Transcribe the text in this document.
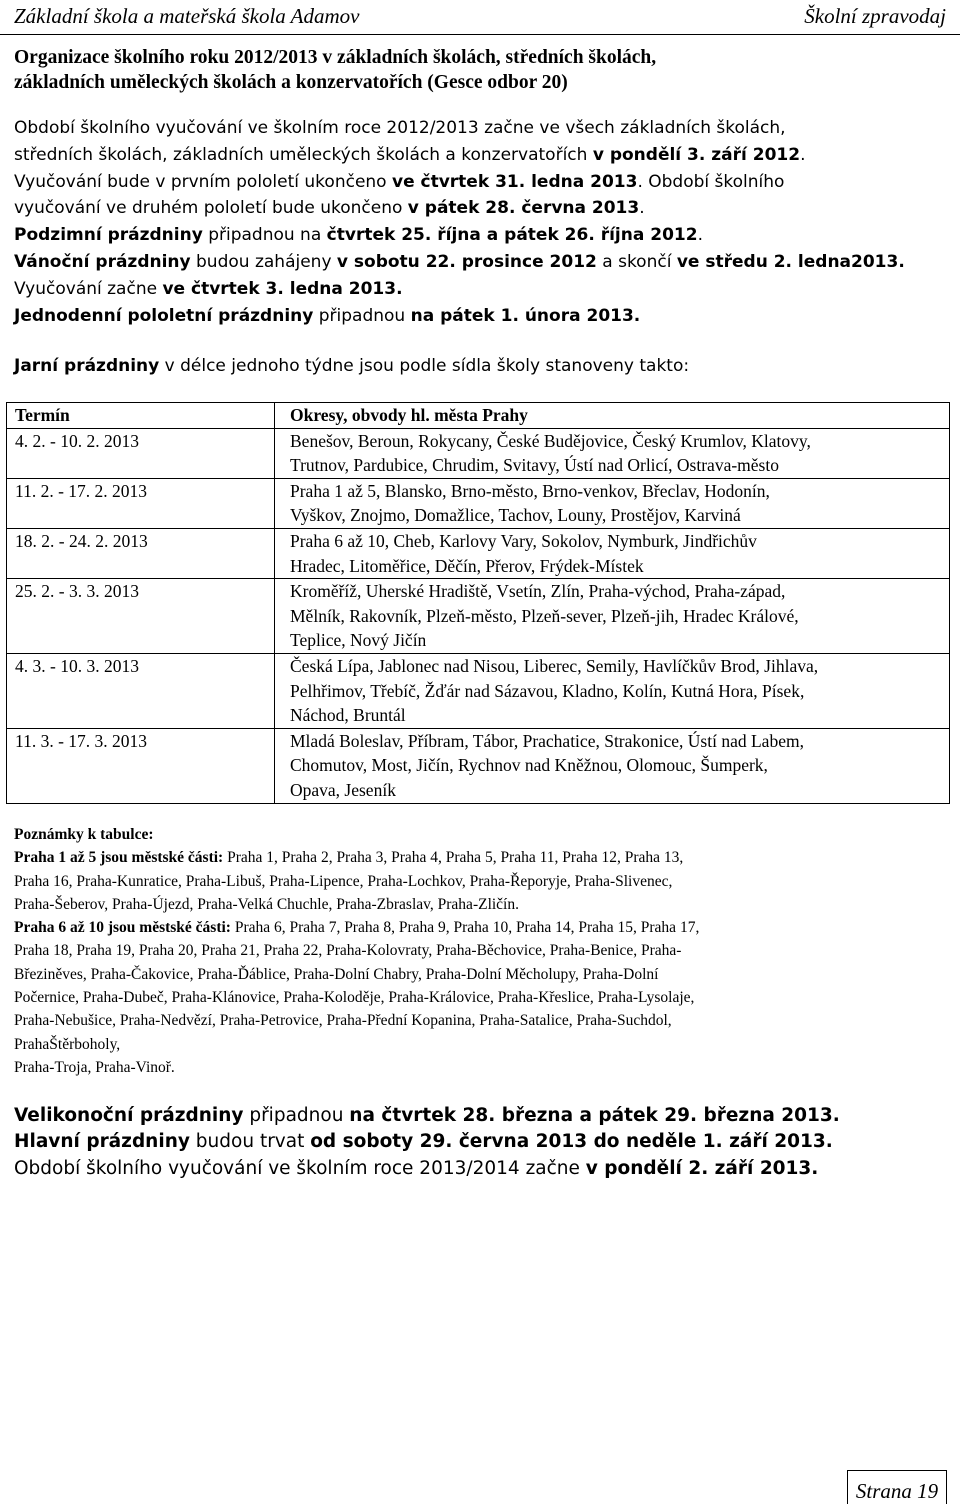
Základní škola a mateřská škola Adamov	Školní zpravodaj
Organizace školního roku 2012/2013 v základních školách, středních školách,
základních uměleckých školách a konzervatořích (Gesce odbor 20)
Období školního vyučování ve školním roce 2012/2013 začne ve všech základních školách,
středních školách, základních uměleckých školách a konzervatořích v pondělí 3. září 2012.
Vyučování bude v prvním pololetí ukončeno ve čtvrtek 31. ledna 2013. Období školního
vyučování ve druhém pololetí bude ukončeno v pátek 28. června 2013.
Podzimní prázdniny připadnou na čtvrtek 25. října a pátek 26. října 2012.
Vánoční prázdniny budou zahájeny v sobotu 22. prosince 2012 a skončí ve středu 2. ledna2013.
Vyučování začne ve čtvrtek 3. ledna 2013.
Jednodenní pololetní prázdniny připadnou na pátek 1. února 2013.
Jarní prázdniny v délce jednoho týdne jsou podle sídla školy stanoveny takto:
Termín	Okresy, obvody hl. města Prahy
4. 2. - 10. 2. 2013	Benešov, Beroun, Rokycany, České Budějovice, Český Krumlov, Klatovy,
Trutnov, Pardubice, Chrudim, Svitavy, Ústí nad Orlicí, Ostrava-město

11. 2. - 17. 2. 2013	Praha 1 až 5, Blansko, Brno-město, Brno-venkov, Břeclav, Hodonín,
Vyškov, Znojmo, Domažlice, Tachov, Louny, Prostějov, Karviná

18. 2. - 24. 2. 2013	Praha 6 až 10, Cheb, Karlovy Vary, Sokolov, Nymburk, Jindřichův
Hradec, Litoměřice, Děčín, Přerov, Frýdek-Místek

25. 2. - 3. 3. 2013	Kroměříž, Uherské Hradiště, Vsetín, Zlín, Praha-východ, Praha-západ,
Mělník, Rakovník, Plzeň-město, Plzeň-sever, Plzeň-jih, Hradec Králové,
Teplice, Nový Jičín

4. 3. - 10. 3. 2013	Česká Lípa, Jablonec nad Nisou, Liberec, Semily, Havlíčkův Brod, Jihlava,
Pelhřimov, Třebíč, Žďár nad Sázavou, Kladno, Kolín, Kutná Hora, Písek,
Náchod, Bruntál

11. 3. - 17. 3. 2013	Mladá Boleslav, Příbram, Tábor, Prachatice, Strakonice, Ústí nad Labem,
Chomutov, Most, Jičín, Rychnov nad Kněžnou, Olomouc, Šumperk,
Opava, Jeseník
Poznámky k tabulce:
Praha 1 až 5 jsou městské části: Praha 1, Praha 2, Praha 3, Praha 4, Praha 5, Praha 11, Praha 12, Praha 13,
Praha 16, Praha-Kunratice, Praha-Libuš, Praha-Lipence, Praha-Lochkov, Praha-Řeporyje, Praha-Slivenec,
Praha-Šeberov, Praha-Újezd, Praha-Velká Chuchle, Praha-Zbraslav, Praha-Zličín.
Praha 6 až 10 jsou městské části: Praha 6, Praha 7, Praha 8, Praha 9, Praha 10, Praha 14, Praha 15, Praha 17,
Praha 18, Praha 19, Praha 20, Praha 21, Praha 22, Praha-Kolovraty, Praha-Běchovice, Praha-Benice, Praha-
Březiněves, Praha-Čakovice, Praha-Ďáblice, Praha-Dolní Chabry, Praha-Dolní Měcholupy, Praha-Dolní
Počernice, Praha-Dubeč, Praha-Klánovice, Praha-Koloděje, Praha-Královice, Praha-Křeslice, Praha-Lysolaje,
Praha-Nebušice, Praha-Nedvězí, Praha-Petrovice, Praha-Přední Kopanina, Praha-Satalice, Praha-Suchdol,
PrahaŠtěrboholy,
Praha-Troja, Praha-Vinoř.
Velikonoční prázdniny připadnou na čtvrtek 28. března a pátek 29. března 2013.
Hlavní prázdniny budou trvat od soboty 29. června 2013 do neděle 1. září 2013.
Období školního vyučování ve školním roce 2013/2014 začne v pondělí 2. září 2013.
Strana 19
